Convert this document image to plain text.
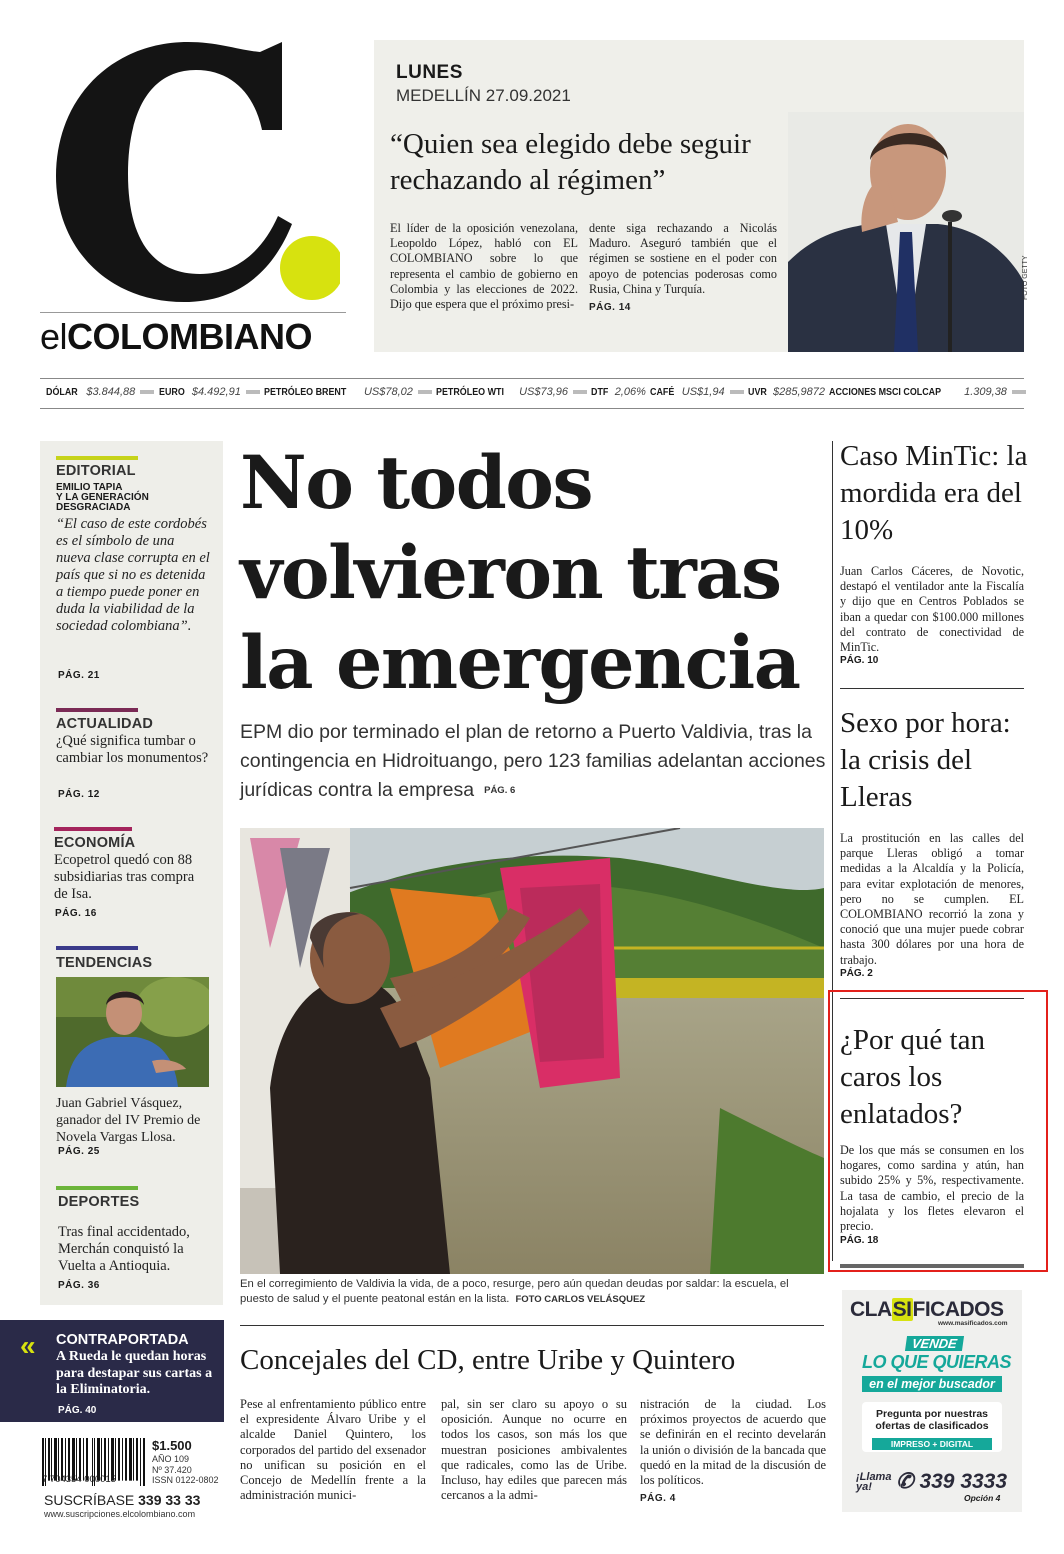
elCOLOMBIANO
LUNES
MEDELLÍN 27.09.2021
“Quien sea elegido debe seguir rechazando al régimen”
El líder de la oposición venezolana, Leopoldo López, habló con EL COLOMBIANO sobre lo que representa el cambio de gobierno en Colombia y las elecciones de 2022. Dijo que espera que el próximo presi-
dente siga rechazando a Nicolás Maduro. Aseguró también que el régimen se sostiene en el poder con apoyo de potencias poderosas como Rusia, China y Turquía.
PÁG. 14
FOTO GETTY
DÓLAR $3.844,88 EURO $4.492,91 PETRÓLEO BRENT US$78,02 PETRÓLEO WTI US$73,96 DTF 2,06% CAFÉ US$1,94 UVR $285,9872 ACCIONES MSCI COLCAP 1.309,38
EDITORIAL
EMILIO TAPIA
Y LA GENERACIÓN
DESGRACIADA
“El caso de este cordobés es el símbolo de una nueva clase corrupta en el país que si no es detenida a tiempo puede poner en duda la viabilidad de la sociedad colombiana”.
PÁG. 21
ACTUALIDAD
¿Qué significa tumbar o cambiar los monumentos?
PÁG. 12
ECONOMÍA
Ecopetrol quedó con 88 subsidiarias tras compra de Isa.
PÁG. 16
TENDENCIAS
Juan Gabriel Vásquez, ganador del IV Premio de Novela Vargas Llosa.
PÁG. 25
DEPORTES
Tras final accidentado, Merchán conquistó la Vuelta a Antioquia.
PÁG. 36
« CONTRAPORTADA
A Rueda le quedan horas para destapar sus cartas a la Eliminatoria.
PÁG. 40
7 704354 000015
$1.500
AÑO 109
Nº 37.420
ISSN 0122-0802
SUSCRÍBASE 339 33 33
www.suscripciones.elcolombiano.com
No todos volvieron tras la emergencia
EPM dio por terminado el plan de retorno a Puerto Valdivia, tras la contingencia en Hidroituango, pero 123 familias adelantan acciones jurídicas contra la empresa PÁG. 6
En el corregimiento de Valdivia la vida, de a poco, resurge, pero aún quedan deudas por saldar: la escuela, el puesto de salud y el puente peatonal están en la lista. FOTO CARLOS VELÁSQUEZ
Concejales del CD, entre Uribe y Quintero
Pese al enfrentamiento público entre el expresidente Álvaro Uribe y el alcalde Daniel Quintero, los corporados del partido del exsenador no unifican su posición en el Concejo de Medellín frente a la administración munici-
pal, sin ser claro su apoyo o su oposición. Aunque no ocurre en todos los casos, son más los que muestran posiciones ambivalentes que radicales, como las de Uribe. Incluso, hay ediles que parecen más cercanos a la admi-
nistración de la ciudad. Los próximos proyectos de acuerdo que se definirán en el recinto develarán la unión o división de la bancada que quedó en la mitad de la discusión de los políticos.
PÁG. 4
Caso MinTic: la mordida era del 10%
Juan Carlos Cáceres, de Novotic, destapó el ventilador ante la Fiscalía y dijo que en Centros Poblados se iban a quedar con $100.000 millones del contrato de conectividad de MinTic.
PÁG. 10
Sexo por hora: la crisis del Lleras
La prostitución en las calles del parque Lleras obligó a tomar medidas a la Alcaldía y la Policía, para evitar explotación de menores, pero no se cumplen. EL COLOMBIANO recorrió la zona y conoció que una mujer puede cobrar hasta 300 dólares por una hora de trabajo.
PÁG. 2
¿Por qué tan caros los enlatados?
De los que más se consumen en los hogares, como sardina y atún, han subido 25% y 5%, respectivamente. La tasa de cambio, el precio de la hojalata y los fletes elevaron el precio.
PÁG. 18
CLASIFICADOS
www.masificados.com
VENDE
LO QUE QUIERAS
en el mejor buscador
Pregunta por nuestras ofertas de clasificados
IMPRESO + DIGITAL
¡Llama
ya!	✆ 339 3333
Opción 4
